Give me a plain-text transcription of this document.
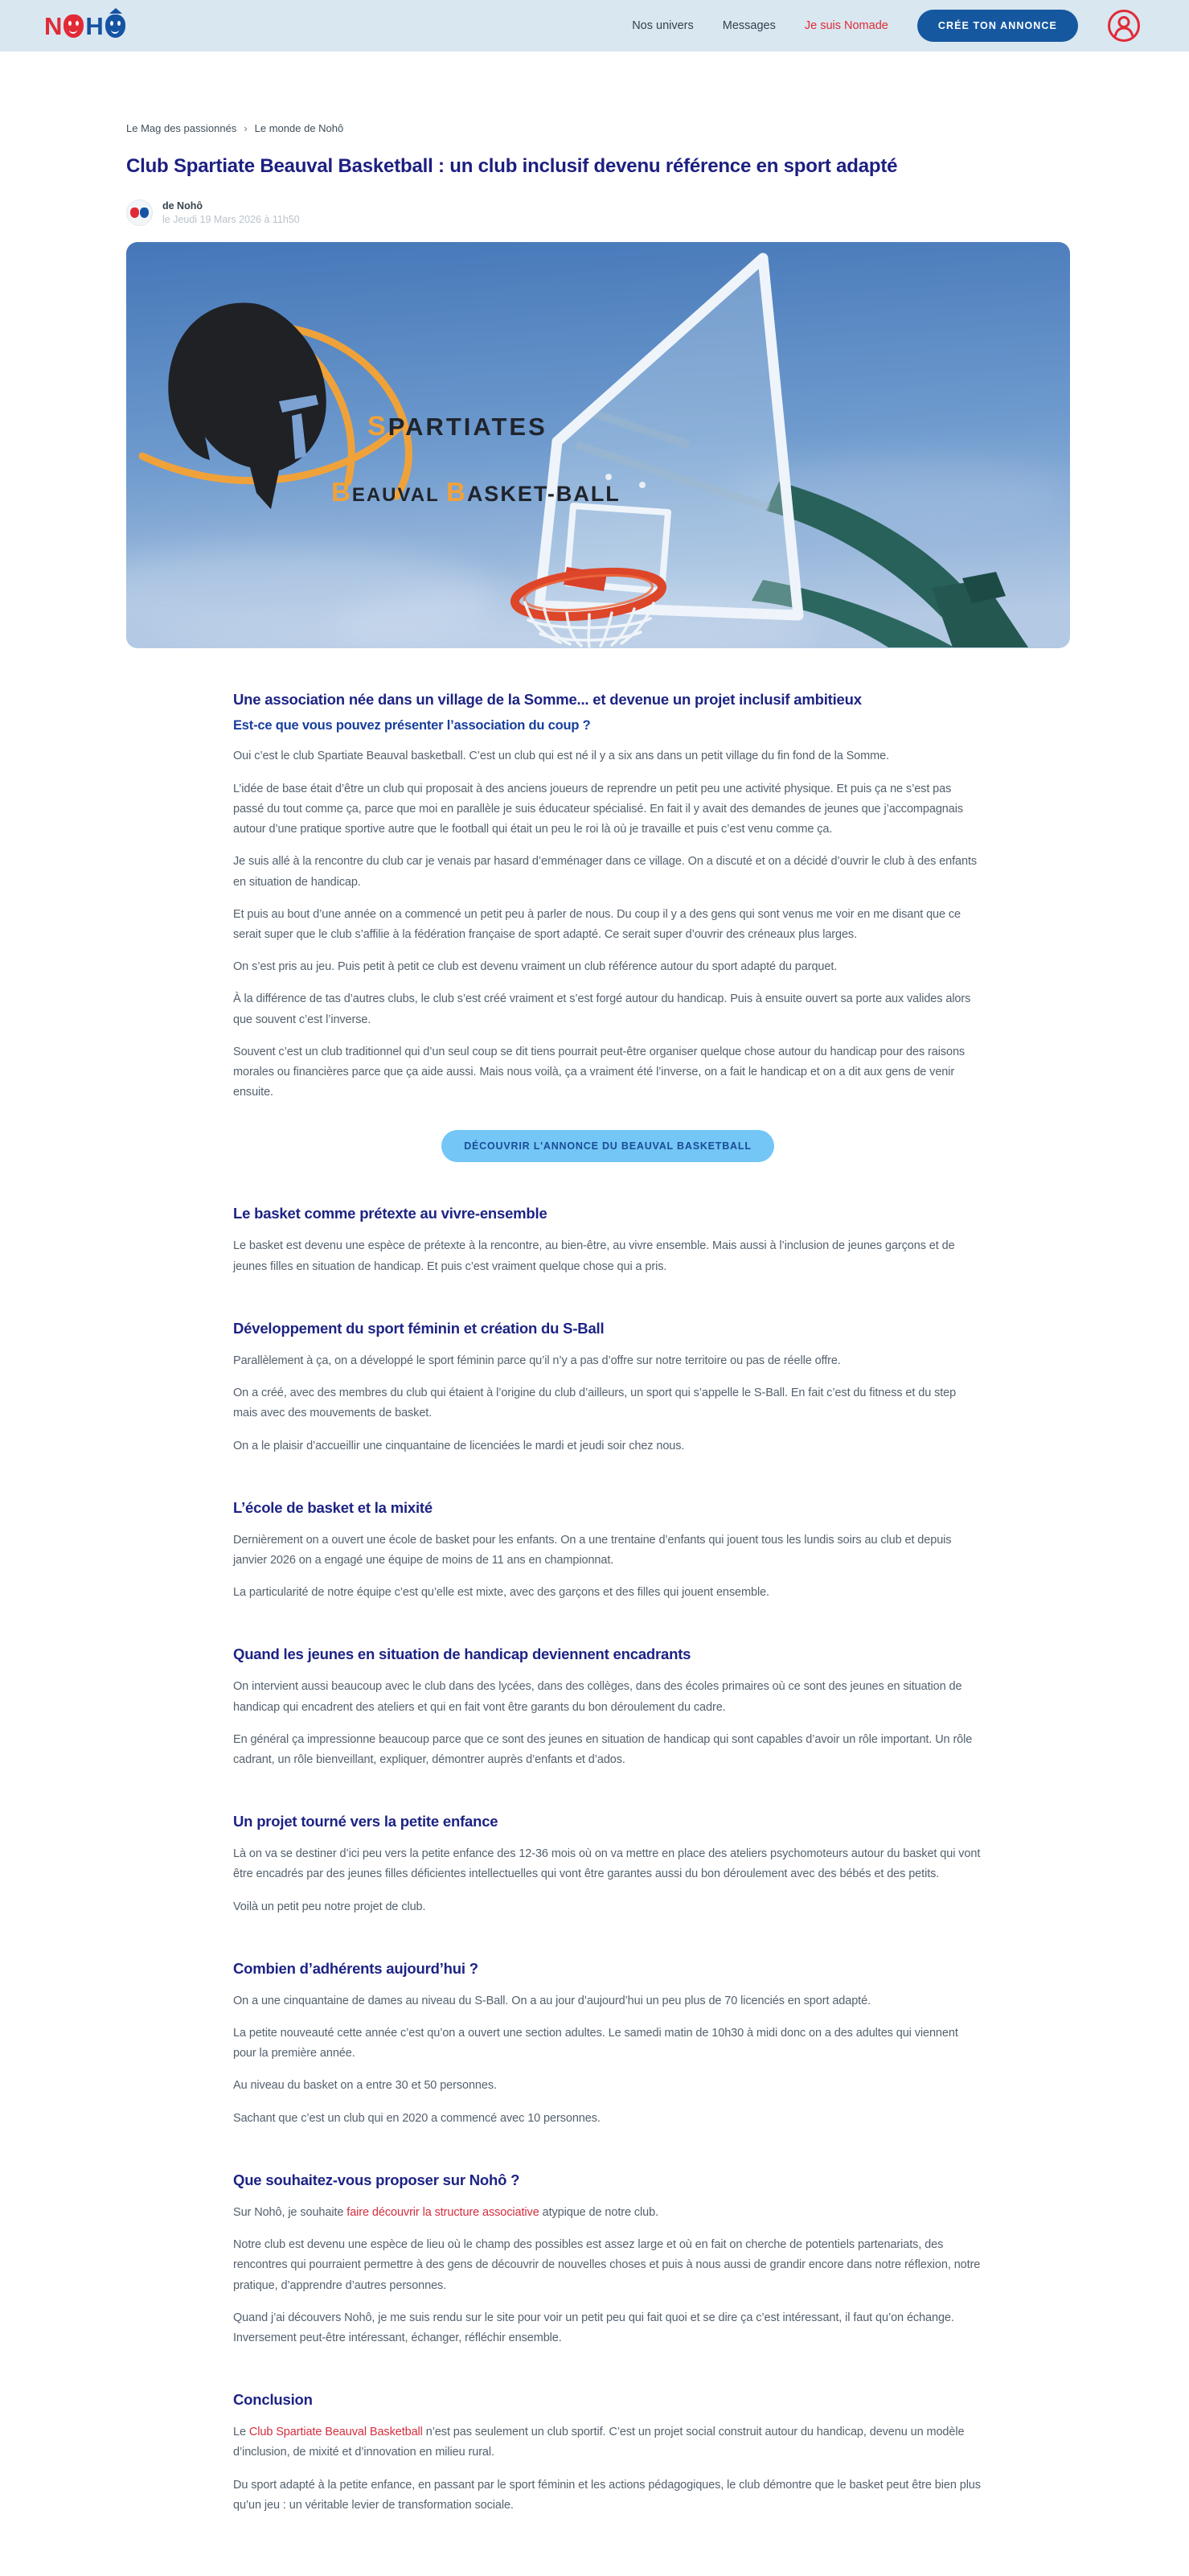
N H	Nos univers Messages Je suis Nomade	CRÉE TON ANNONCE
Le Mag des passionnés › Le monde de Nohô
Club Spartiate Beauval Basketball : un club inclusif devenu référence en sport adapté
de Nohô
le Jeudi 19 Mars 2026 à 11h50
SPARTIATES
BEAUVAL BASKET-BALL
Une association née dans un village de la Somme... et devenue un projet inclusif ambitieux
Est-ce que vous pouvez présenter l’association du coup ?

Oui c’est le club Spartiate Beauval basketball. C’est un club qui est né il y a six ans dans un petit village du fin fond de la Somme.

L’idée de base était d’être un club qui proposait à des anciens joueurs de reprendre un petit peu une activité physique. Et puis ça ne s’est pas passé du tout comme ça, parce que moi en parallèle je suis éducateur spécialisé. En fait il y avait des demandes de jeunes que j’accompagnais autour d’une pratique sportive autre que le football qui était un peu le roi là où je travaille et puis c’est venu comme ça.

Je suis allé à la rencontre du club car je venais par hasard d’emménager dans ce village. On a discuté et on a décidé d’ouvrir le club à des enfants en situation de handicap.

Et puis au bout d’une année on a commencé un petit peu à parler de nous. Du coup il y a des gens qui sont venus me voir en me disant que ce serait super que le club s’affilie à la fédération française de sport adapté. Ce serait super d’ouvrir des créneaux plus larges.

On s’est pris au jeu. Puis petit à petit ce club est devenu vraiment un club référence autour du sport adapté du parquet.

À la différence de tas d’autres clubs, le club s’est créé vraiment et s’est forgé autour du handicap. Puis à ensuite ouvert sa porte aux valides alors que souvent c’est l’inverse.

Souvent c’est un club traditionnel qui d’un seul coup se dit tiens pourrait peut-être organiser quelque chose autour du handicap pour des raisons morales ou financières parce que ça aide aussi. Mais nous voilà, ça a vraiment été l’inverse, on a fait le handicap et on a dit aux gens de venir ensuite.

DÉCOUVRIR L'ANNONCE DU BEAUVAL BASKETBALL
Le basket comme prétexte au vivre-ensemble

Le basket est devenu une espèce de prétexte à la rencontre, au bien-être, au vivre ensemble. Mais aussi à l’inclusion de jeunes garçons et de jeunes filles en situation de handicap. Et puis c’est vraiment quelque chose qui a pris.

Développement du sport féminin et création du S-Ball

Parallèlement à ça, on a développé le sport féminin parce qu’il n’y a pas d’offre sur notre territoire ou pas de réelle offre.

On a créé, avec des membres du club qui étaient à l’origine du club d’ailleurs, un sport qui s’appelle le S-Ball. En fait c’est du fitness et du step mais avec des mouvements de basket.

On a le plaisir d’accueillir une cinquantaine de licenciées le mardi et jeudi soir chez nous.

L’école de basket et la mixité

Dernièrement on a ouvert une école de basket pour les enfants. On a une trentaine d’enfants qui jouent tous les lundis soirs au club et depuis janvier 2026 on a engagé une équipe de moins de 11 ans en championnat.

La particularité de notre équipe c’est qu’elle est mixte, avec des garçons et des filles qui jouent ensemble.

Quand les jeunes en situation de handicap deviennent encadrants

On intervient aussi beaucoup avec le club dans des lycées, dans des collèges, dans des écoles primaires où ce sont des jeunes en situation de handicap qui encadrent des ateliers et qui en fait vont être garants du bon déroulement du cadre.

En général ça impressionne beaucoup parce que ce sont des jeunes en situation de handicap qui sont capables d’avoir un rôle important. Un rôle cadrant, un rôle bienveillant, expliquer, démontrer auprès d’enfants et d’ados.

Un projet tourné vers la petite enfance

Là on va se destiner d’ici peu vers la petite enfance des 12-36 mois où on va mettre en place des ateliers psychomoteurs autour du basket qui vont être encadrés par des jeunes filles déficientes intellectuelles qui vont être garantes aussi du bon déroulement avec des bébés et des petits.

Voilà un petit peu notre projet de club.

Combien d’adhérents aujourd’hui ?

On a une cinquantaine de dames au niveau du S-Ball. On a au jour d’aujourd’hui un peu plus de 70 licenciés en sport adapté.

La petite nouveauté cette année c’est qu’on a ouvert une section adultes. Le samedi matin de 10h30 à midi donc on a des adultes qui viennent pour la première année.

Au niveau du basket on a entre 30 et 50 personnes.

Sachant que c’est un club qui en 2020 a commencé avec 10 personnes.

Que souhaitez-vous proposer sur Nohô ?

Sur Nohô, je souhaite faire découvrir la structure associative atypique de notre club.

Notre club est devenu une espèce de lieu où le champ des possibles est assez large et où en fait on cherche de potentiels partenariats, des rencontres qui pourraient permettre à des gens de découvrir de nouvelles choses et puis à nous aussi de grandir encore dans notre réflexion, notre pratique, d’apprendre d’autres personnes.

Quand j’ai découvers Nohô, je me suis rendu sur le site pour voir un petit peu qui fait quoi et se dire ça c’est intéressant, il faut qu’on échange. Inversement peut-être intéressant, échanger, réfléchir ensemble.

Conclusion

Le Club Spartiate Beauval Basketball n’est pas seulement un club sportif. C’est un projet social construit autour du handicap, devenu un modèle d’inclusion, de mixité et d’innovation en milieu rural.

Du sport adapté à la petite enfance, en passant par le sport féminin et les actions pédagogiques, le club démontre que le basket peut être bien plus qu’un jeu : un véritable levier de transformation sociale.
